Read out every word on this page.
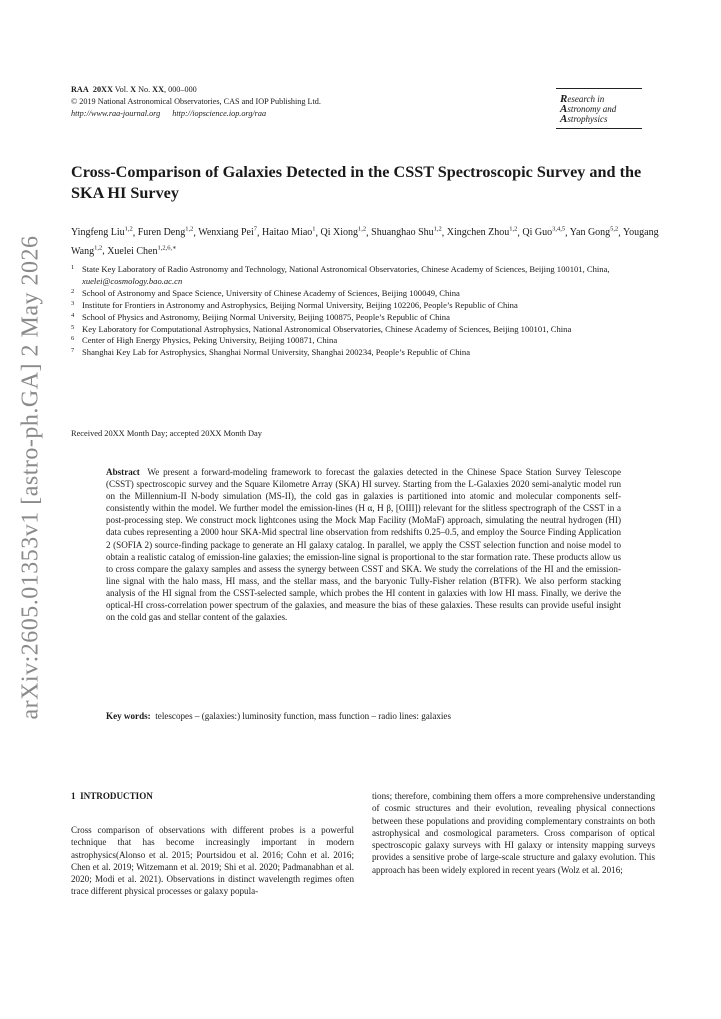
arXiv:2605.01353v1 [astro-ph.GA] 2 May 2026
RAA 20XX Vol. X No. XX, 000–000
© 2019 National Astronomical Observatories, CAS and IOP Publishing Ltd.
http://www.raa-journal.org http://iopscience.iop.org/raa
Research in
Astronomy and
Astrophysics
Cross-Comparison of Galaxies Detected in the CSST Spectroscopic Survey and the SKA HI Survey
Yingfeng Liu$^{1,2}$, Furen Deng$^{1,2}$, Wenxiang Pei$^7$, Haitao Miao$^1$, Qi Xiong$^{1,2}$, Shuanghao Shu$^{1,2}$, Xingchen Zhou$^{1,2}$, Qi Guo$^{3,4,5}$, Yan Gong$^{5,2}$, Yougang Wang$^{1,2}$, Xuelei Chen$^{1,2,6,∗}$
1 State Key Laboratory of Radio Astronomy and Technology, National Astronomical Observatories, Chinese Academy of Sciences, Beijing 100101, China, xuelei@cosmology.bao.ac.cn
2 School of Astronomy and Space Science, University of Chinese Academy of Sciences, Beijing 100049, China
3 Institute for Frontiers in Astronomy and Astrophysics, Beijing Normal University, Beijing 102206, People’s Republic of China
4 School of Physics and Astronomy, Beijing Normal University, Beijing 100875, People’s Republic of China
5 Key Laboratory for Computational Astrophysics, National Astronomical Observatories, Chinese Academy of Sciences, Beijing 100101, China
6 Center of High Energy Physics, Peking University, Beijing 100871, China
7 Shanghai Key Lab for Astrophysics, Shanghai Normal University, Shanghai 200234, People’s Republic of China
Received 20XX Month Day; accepted 20XX Month Day

Abstract We present a forward-modeling framework to forecast the galaxies detected in the Chinese Space Station Survey Telescope (CSST) spectroscopic survey and the Square Kilometre Array (SKA) HI survey. Starting from the L-Galaxies 2020 semi-analytic model run on the Millennium-II N-body simulation (MS-II), the cold gas in galaxies is partitioned into atomic and molecular components self-consistently within the model. We further model the emission-lines (H α, H β, [OIII]) relevant for the slitless spectrograph of the CSST in a post-processing step. We construct mock lightcones using the Mock Map Facility (MoMaF) approach, simulating the neutral hydrogen (HI) data cubes representing a 2000 hour SKA-Mid spectral line observation from redshifts 0.25–0.5, and employ the Source Finding Application 2 (SOFIA 2) source-finding package to generate an HI galaxy catalog. In parallel, we apply the CSST selection function and noise model to obtain a realistic catalog of emission-line galaxies; the emission-line signal is proportional to the star formation rate. These products allow us to cross compare the galaxy samples and assess the synergy between CSST and SKA. We study the correlations of the HI and the emission-line signal with the halo mass, HI mass, and the stellar mass, and the baryonic Tully-Fisher relation (BTFR). We also perform stacking analysis of the HI signal from the CSST-selected sample, which probes the HI content in galaxies with low HI mass. Finally, we derive the optical-HI cross-correlation power spectrum of the galaxies, and measure the bias of these galaxies. These results can provide useful insight on the cold gas and stellar content of the galaxies.

Key words: telescopes – (galaxies:) luminosity function, mass function – radio lines: galaxies
1 INTRODUCTION

Cross comparison of observations with different probes is a powerful technique that has become increasingly important in modern astrophysics(Alonso et al. 2015; Pourtsidou et al. 2016; Cohn et al. 2016; Chen et al. 2019; Witzemann et al. 2019; Shi et al. 2020; Padmanabhan et al. 2020; Modi et al. 2021). Observations in distinct wavelength regimes often trace different physical processes or galaxy popula-

tions; therefore, combining them offers a more comprehensive understanding of cosmic structures and their evolution, revealing physical connections between these populations and providing complementary constraints on both astrophysical and cosmological parameters. Cross comparison of optical spectroscopic galaxy surveys with HI galaxy or intensity mapping surveys provides a sensitive probe of large-scale structure and galaxy evolution. This approach has been widely explored in recent years (Wolz et al. 2016;
